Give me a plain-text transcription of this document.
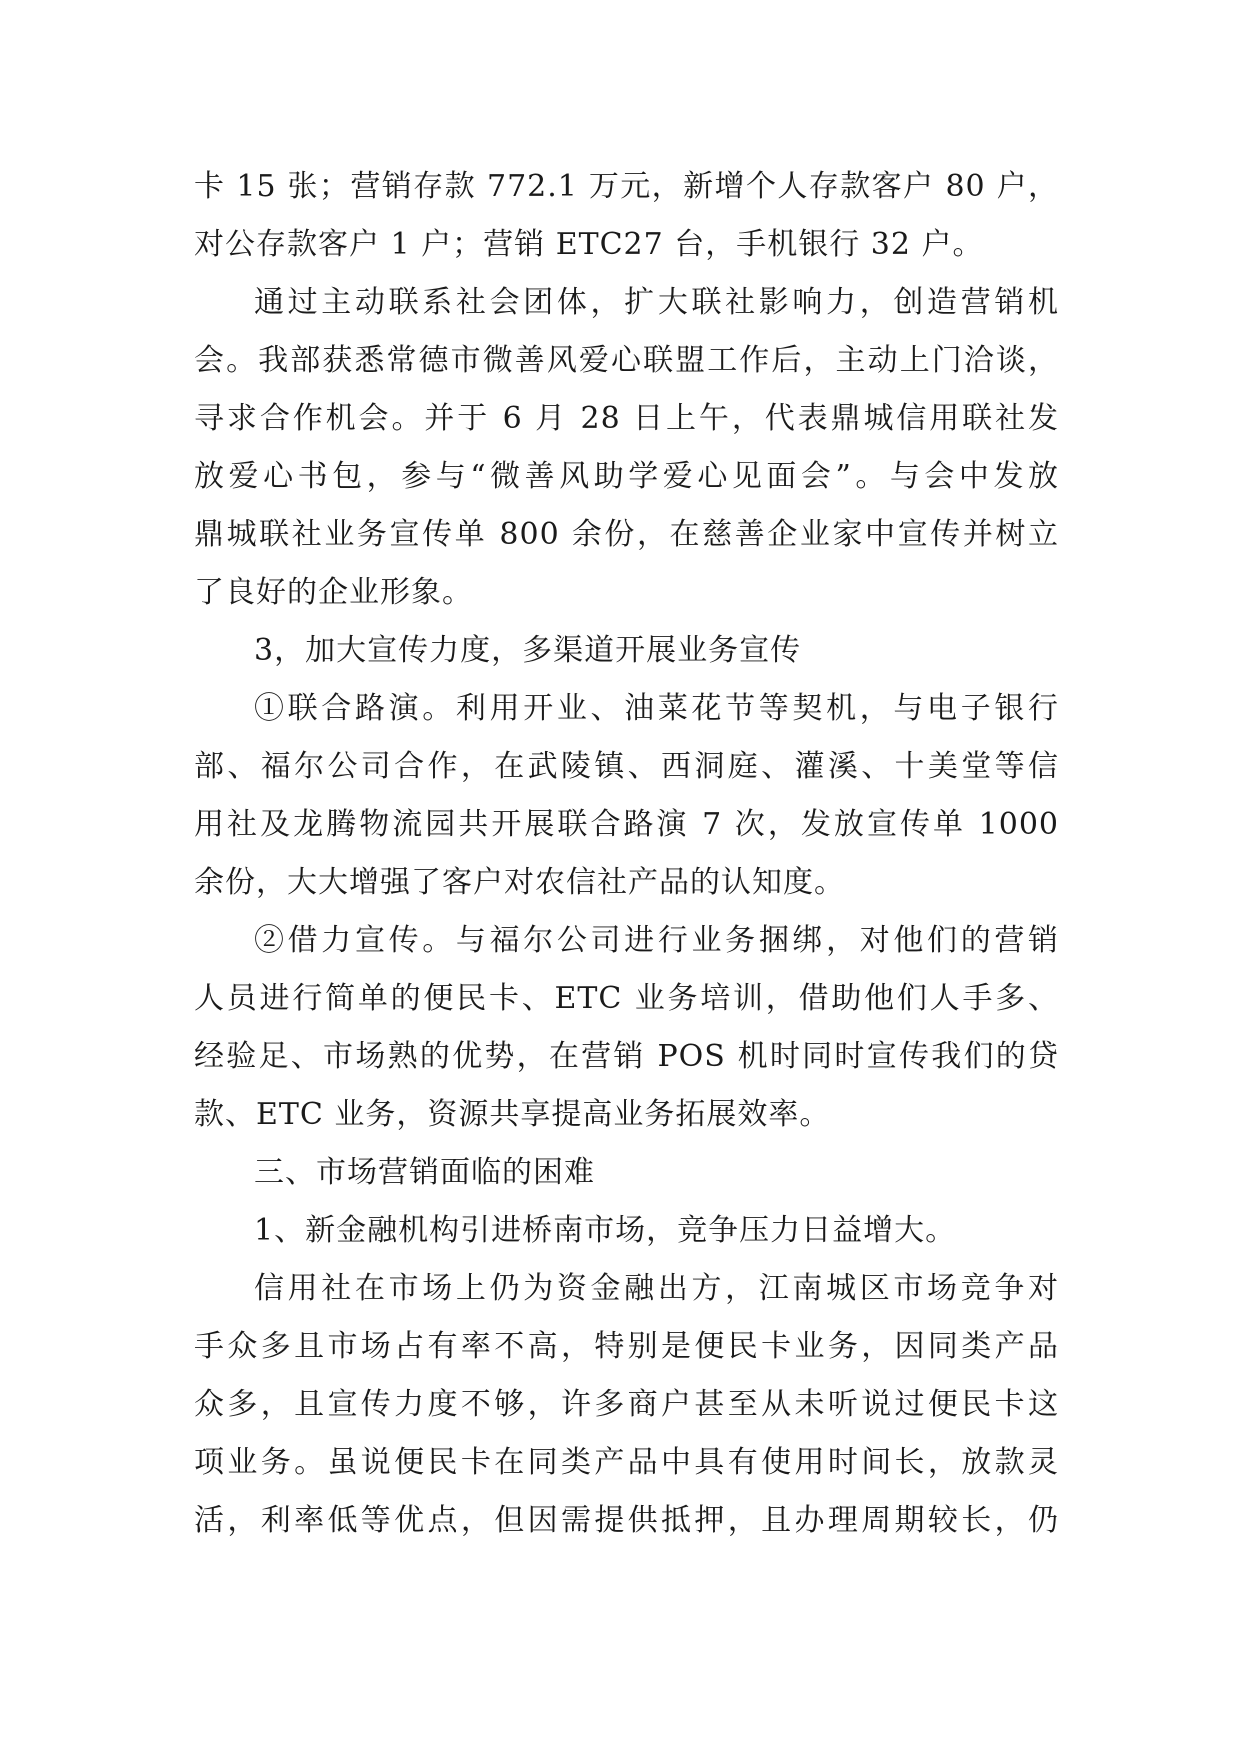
卡 15 张；营销存款 772.1 万元，新增个人存款客户 80 户，
对公存款客户 1 户；营销 ETC27 台，手机银行 32 户。
通过主动联系社会团体，扩大联社影响力，创造营销机
会。我部获悉常德市微善风爱心联盟工作后，主动上门洽谈，
寻求合作机会。并于 6 月 28 日上午，代表鼎城信用联社发
放爱心书包，参与“微善风助学爱心见面会”。与会中发放
鼎城联社业务宣传单 800 余份，在慈善企业家中宣传并树立
了良好的企业形象。
3，加大宣传力度，多渠道开展业务宣传
①联合路演。利用开业、油菜花节等契机，与电子银行
部、福尔公司合作，在武陵镇、西洞庭、灌溪、十美堂等信
用社及龙腾物流园共开展联合路演 7 次，发放宣传单 1000
余份，大大增强了客户对农信社产品的认知度。
②借力宣传。与福尔公司进行业务捆绑，对他们的营销
人员进行简单的便民卡、ETC 业务培训，借助他们人手多、
经验足、市场熟的优势，在营销 POS 机时同时宣传我们的贷
款、ETC 业务，资源共享提高业务拓展效率。
三、市场营销面临的困难
1、新金融机构引进桥南市场，竞争压力日益增大。
信用社在市场上仍为资金融出方，江南城区市场竞争对
手众多且市场占有率不高，特别是便民卡业务，因同类产品
众多，且宣传力度不够，许多商户甚至从未听说过便民卡这
项业务。虽说便民卡在同类产品中具有使用时间长，放款灵
活，利率低等优点，但因需提供抵押，且办理周期较长，仍
